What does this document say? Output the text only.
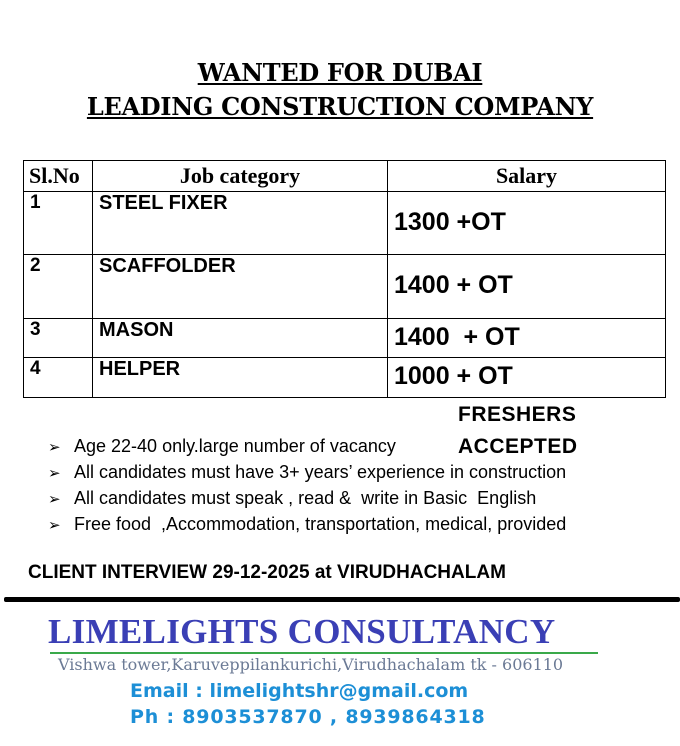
WANTED FOR DUBAI
LEADING CONSTRUCTION COMPANY
Sl.No	Job category	Salary
1	STEEL FIXER	1300 +OT
2	SCAFFOLDER	1400 + OT
3	MASON	1400  + OT
4	HELPER	1000 + OT
FRESHERS
ACCEPTED
➢ Age 22-40 only.large number of vacancy
➢ All candidates must have 3+ years’ experience in construction
➢ All candidates must speak , read &  write in Basic  English
➢ Free food  ,Accommodation, transportation, medical, provided
CLIENT INTERVIEW 29-12-2025 at VIRUDHACHALAM
LIMELIGHTS CONSULTANCY
Vishwa tower,Karuveppilankurichi,Virudhachalam tk - 606110
Email : limelightshr@gmail.com
Ph : 8903537870 , 8939864318
